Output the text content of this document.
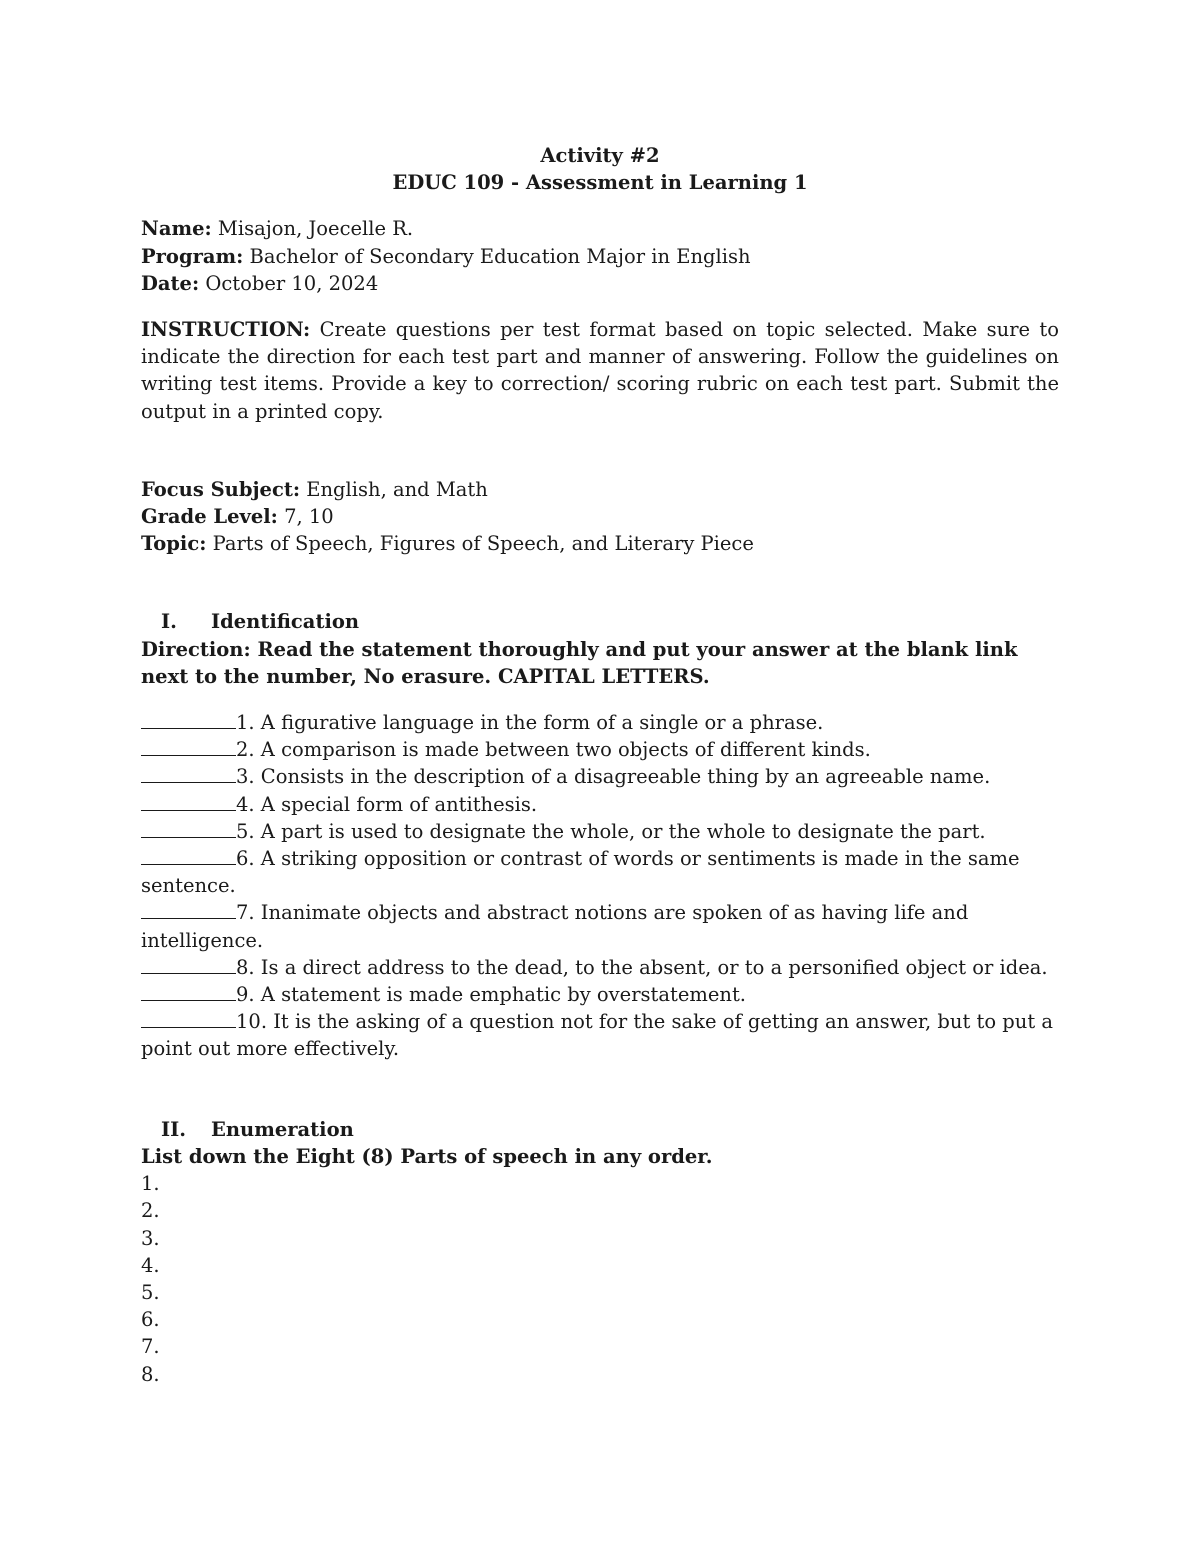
Activity #2
EDUC 109 - Assessment in Learning 1
Name: Misajon, Joecelle R.
Program: Bachelor of Secondary Education Major in English
Date: October 10, 2024
INSTRUCTION: Create questions per test format based on topic selected. Make sure to indicate the direction for each test part and manner of answering. Follow the guidelines on writing test items. Provide a key to correction/ scoring rubric on each test part. Submit the output in a printed copy.
Focus Subject: English, and Math
Grade Level: 7, 10
Topic: Parts of Speech, Figures of Speech, and Literary Piece
I. Identification
Direction: Read the statement thoroughly and put your answer at the blank link next to the number, No erasure. CAPITAL LETTERS.
1. A figurative language in the form of a single or a phrase.
2. A comparison is made between two objects of different kinds.
3. Consists in the description of a disagreeable thing by an agreeable name.
4. A special form of antithesis.
5. A part is used to designate the whole, or the whole to designate the part.
6. A striking opposition or contrast of words or sentiments is made in the same sentence.
7. Inanimate objects and abstract notions are spoken of as having life and intelligence.
8. Is a direct address to the dead, to the absent, or to a personified object or idea.
9. A statement is made emphatic by overstatement.
10. It is the asking of a question not for the sake of getting an answer, but to put a point out more effectively.
II. Enumeration
List down the Eight (8) Parts of speech in any order.
1.
2.
3.
4.
5.
6.
7.
8.
